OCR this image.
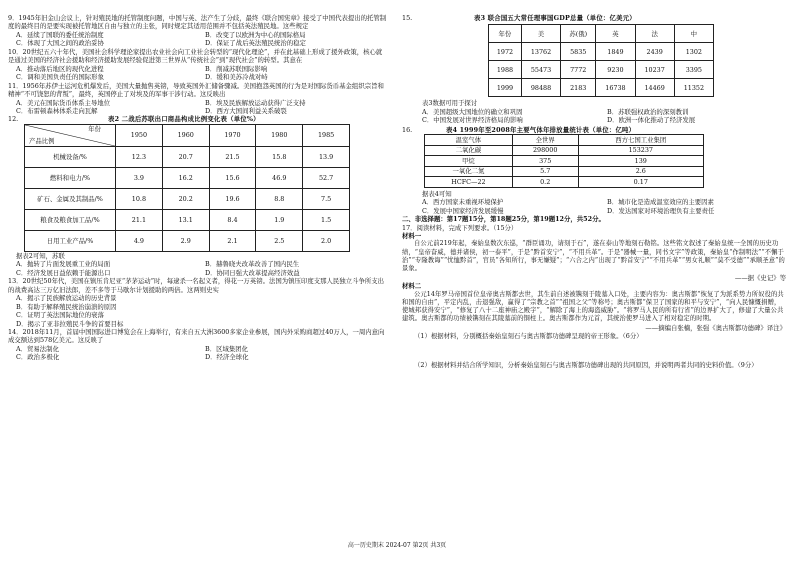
9．1945年旧金山会议上，针对殖民地的托管制度问题，中国与英、法产生了分歧，最终《联合国宪章》接受了中国代表提出的托管制度的最终目的是要实现被托管地区自由与独立的主张，同时规定其适用范围并不包括英法殖民地。这些规定

A．延续了国联的委任统治制度	B．改变了以欧洲为中心的国际格局
C．体现了大国之间的政治妥协	D．保证了战后英法殖民统治的稳定

10．20世纪五六十年代，美国社会科学理论家提出农业社会向工业社会转型的“现代化理论”，并在此基础上形成了援外政策，核心就是通过美国的经济社会援助和经济援助发展经验促进第三世界从“传统社会”到“现代社会”的转型。其意在

A．推动落后地区的现代化进程	B．削减苏联国际影响
C．调和美国负责任的国际形象	D．缓和美苏冷战对峙

11．1956年苏伊士运河危机爆发后，美国大量抛售英镑，导致英国外汇储备骤减。美国抱怨英国的行为是对国际货币基金组织宗旨和精神“不可饶恕的背叛”，最终，英国停止了对埃及的军事干涉行动。这反映出

A．美元在国际货币体系主导地位	B．埃及民族解放运动获得广泛支持
C．布雷顿森林体系走向瓦解	D．西方大国间利益关系破裂
12.	表2 二战后苏联出口商品构成比例变化表（单位%）
年份
产品比例	1950	1960	1970	1980	1985
机械设备/%	12.3	20.7	21.5	15.8	13.9
燃料和电力/%	3.9	16.2	15.6	46.9	52.7
矿石、金属及其制品/%	10.8	20.2	19.6	8.8	7.5
粮食及粮食加工品/%	21.1	13.1	8.4	1.9	1.5
日用工业产品/%	4.9	2.9	2.1	2.5	2.0

据表2可知，苏联

A．抛转了片面发展重工业的局面	B．赫鲁晓夫改革改善了国内民生
C．经济发展日益依赖于能源出口	D．协同日强大改革提高经济效益

13．20世纪50年代，美国在镇压肯尼亚“茅茅运动”时，每逮杀一名起义者，得花一万英镑。法国为镇压印度支那人民独立斗争所支出的战费高达三万亿旧法郎，差不多等于马歇尔计划援助的两倍。这两则史实

A．揭示了民族解放运动的历史背景

B．有助于解释殖民统治崩溃的原因

C．证明了英法国际地位的衰落

D．揭示了亚非拉殖民斗争的首要目标

14．2018年11月，首届中国国际进口博览会在上海举行，有来自五大洲3600多家企业参展，国内外采购商超过40万人，一周内意向成交额达到578亿美元。这反映了

A．贸易法制化	B．区域集团化
C．政治多极化	D．经济全球化
15.	表3 联合国五大常任理事国GDP总量（单位：亿美元）
年份	美	苏(俄)	英	法	中
1972	13762	5835	1849	2439	1302
1988	55473	7772	9230	10237	3395
1999	98488	2183	16738	14469	11352

表3数据可用于探讨

A．美国超级大国地位的确立和巩固	B．苏联强权政治的深刻教训
C．中国发展对世界经济格局的影响	D．欧洲一体化推动了经济发展
16.	表4 1999年至2008年主要气体年排放量统计表（单位：亿吨）
温室气体	全世界	西方七国工业集团
二氧化碳	298000	153237
甲烷	375	139
一氧化二氮	5.7	2.6
HCFC—22	0.2	0.17

据表4可知

A．西方国家未重视环境保护	B．城市化是造成温室效应的主要因素
C．发展中国家经济发展缓慢	D．发达国家对环境治理负有主要责任

二、非选择题：第17题15分，第18题25分，第19题12分，共52分。

17．阅读材料，完成下列要求。（15分）

材料一

自公元前219年起，秦始皇数次东巡，“群臣诵功，请刻于石”，遂在泰山等地刻石勒铭。这些铭文叙述了秦始皇统一全国的历史功绩，“皇帝奋威，德并诸侯，初一泰平”，于是“黔首安宁”，“不用兵革”。于是“器械一量，同书文字”等政策，秦始皇“作制明法”“不懈于治”“专隆教诲”“忧恤黔首”，官员“各知所行，事无嫌疑”；“六合之内”出现了“黔首安宁”“不用兵革”“男女礼顺”“莫不受德”“承顺圣意”的景象。

——据《史记》等

材料二

公元14年罗马帝国首位皇帝奥古斯都去世，其生前自述被镌刻于陵墓入口处，主要内容为：奥古斯都“恢复了为派系势力所奴役的共和国的自由”，平定内乱，击退强敌，赢得了“宗教之首”“祖国之父”等称号；奥古斯都“保卫了国家的和平与安宁”，“向人民慷慨捐赠，使城邦获得安宁”，“修复了八十二座神庙之殿宇”，“解除了海上的海盗威胁”。“将罗马人民的所有行省”的边界扩大了，修建了大量公共建筑。奥古斯都的功绩被镌刻在其陵墓前的铜柱上。奥古斯都作为元首，其统治使罗马进入了相对稳定的时期。

——摘编自张楠，张强《奥古斯都功德碑》译注》

（1）根据材料，分别概括秦始皇刻石与奥古斯都功德碑呈现的帝王形象。（6分）

（2）根据材料并结合所学知识，分析秦始皇刻石与奥古斯都功德碑出现的共同原因，并说明两者共同的史料价值。（9分）

高一历史期末 2024-07 第2页 共3页
